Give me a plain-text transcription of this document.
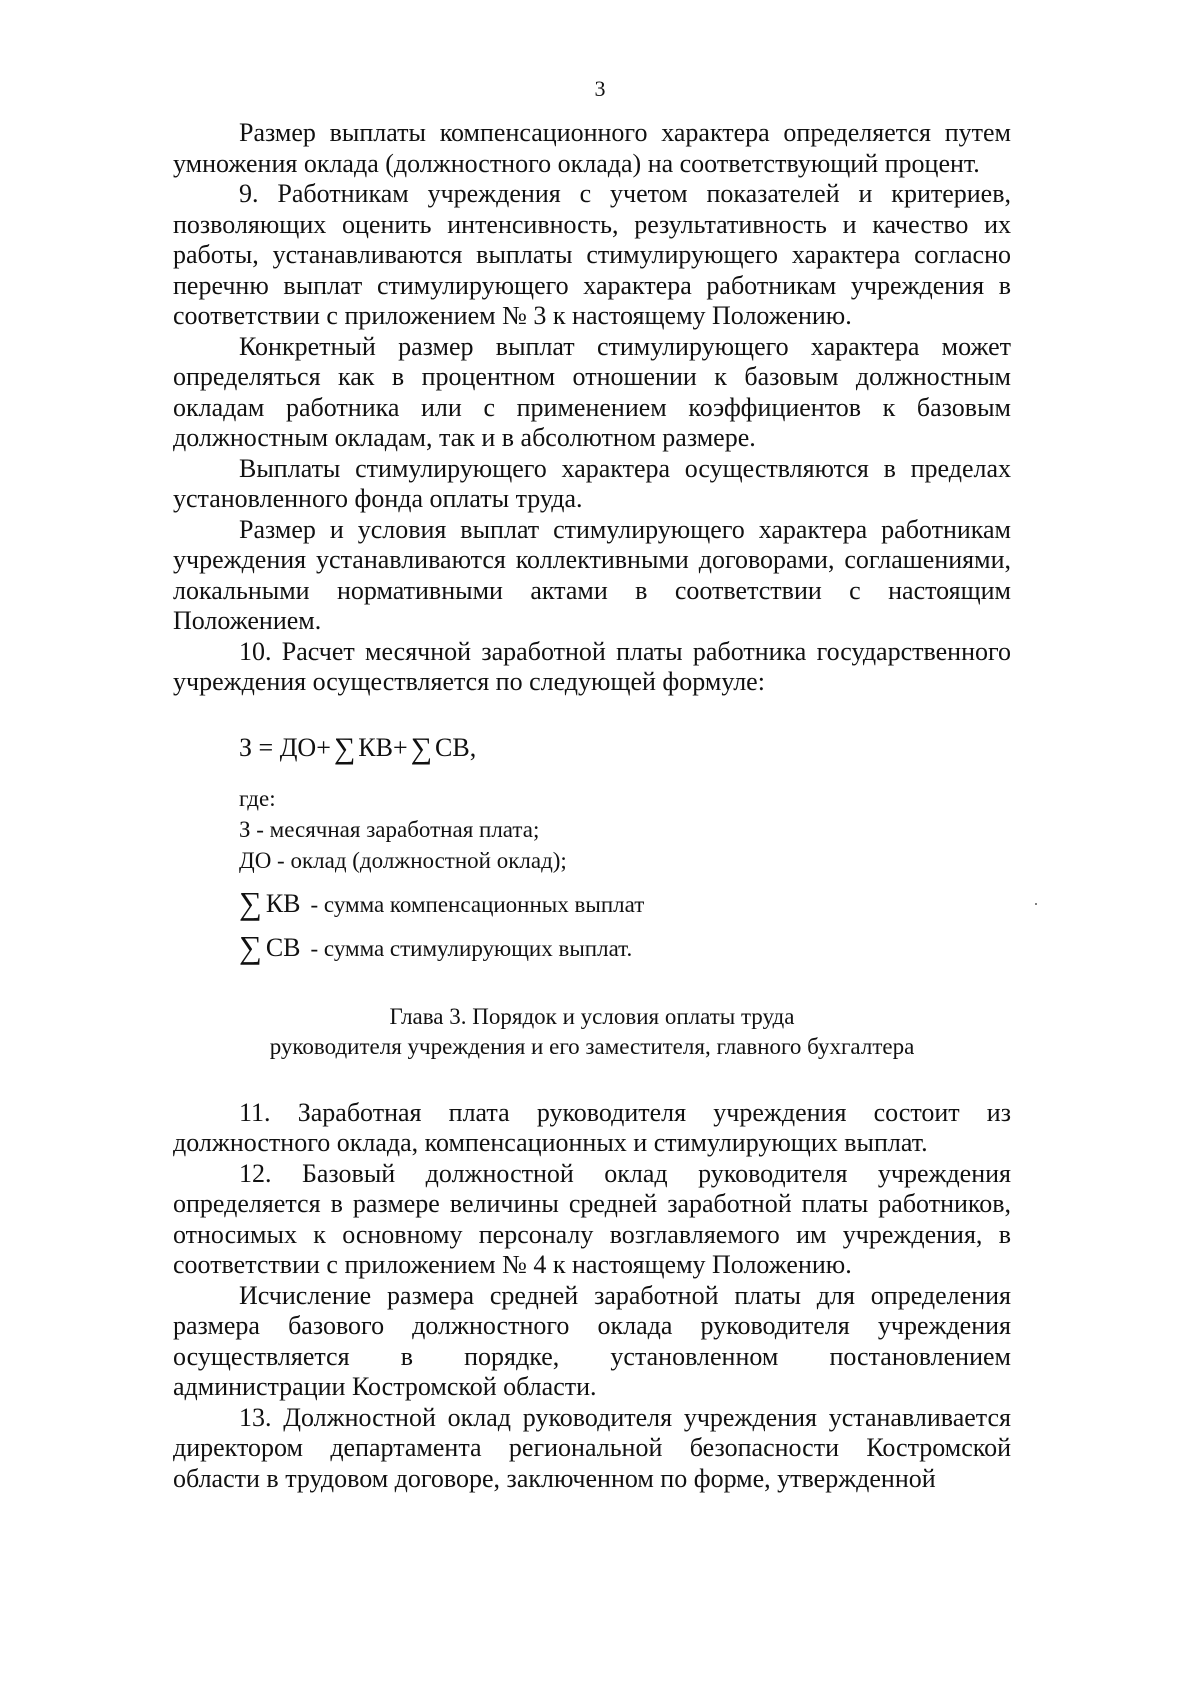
3

Размер выплаты компенсационного характера определяется путем умножения оклада (должностного оклада) на соответствующий процент.

9. Работникам учреждения с учетом показателей и критериев, позволяющих оценить интенсивность, результативность и качество их работы, устанавливаются выплаты стимулирующего характера согласно перечню выплат стимулирующего характера работникам учреждения в соответствии с приложением № 3 к настоящему Положению.

Конкретный размер выплат стимулирующего характера может определяться как в процентном отношении к базовым должностным окладам работника или с применением коэффициентов к базовым должностным окладам, так и в абсолютном размере.

Выплаты стимулирующего характера осуществляются в пределах установленного фонда оплаты труда.

Размер и условия выплат стимулирующего характера работникам учреждения устанавливаются коллективными договорами, соглашениями, локальными нормативными актами в соответствии с настоящим Положением.

10. Расчет месячной заработной платы работника государственного учреждения осуществляется по следующей формуле:

З = ДО+ ∑ КВ+ ∑ СВ,
где:
З - месячная заработная плата;
ДО - оклад (должностной оклад);
∑ КВ - сумма компенсационных выплат
∑ СВ - сумма стимулирующих выплат.
Глава 3. Порядок и условия оплаты труда
руководителя учреждения и его заместителя, главного бухгалтера

11. Заработная плата руководителя учреждения состоит из должностного оклада, компенсационных и стимулирующих выплат.

12. Базовый должностной оклад руководителя учреждения определяется в размере величины средней заработной платы работников, относимых к основному персоналу возглавляемого им учреждения, в соответствии с приложением № 4 к настоящему Положению.

Исчисление размера средней заработной платы для определения размера базового должностного оклада руководителя учреждения осуществляется в порядке, установленном постановлением администрации Костромской области.

13. Должностной оклад руководителя учреждения устанавливается директором департамента региональной безопасности Костромской области в трудовом договоре, заключенном по форме, утвержденной
